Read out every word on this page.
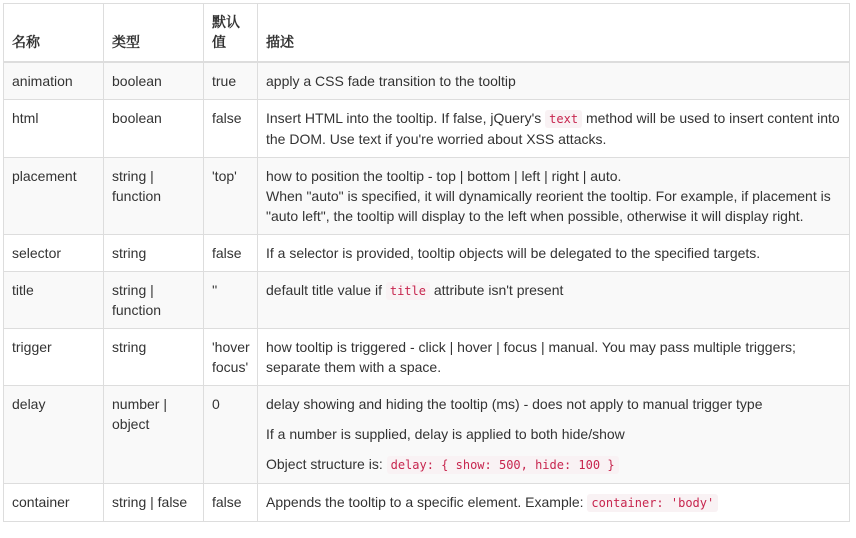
名称	类型	默认值	描述
animation	boolean	true	apply a CSS fade transition to the tooltip
html	boolean	false	Insert HTML into the tooltip. If false, jQuery's text method will be used to insert content into the DOM. Use text if you're worried about XSS attacks.
placement	string | function	'top'	how to position the tooltip - top | bottom | left | right | auto.
When "auto" is specified, it will dynamically reorient the tooltip. For example, if placement is "auto left", the tooltip will display to the left when possible, otherwise it will display right.
selector	string	false	If a selector is provided, tooltip objects will be delegated to the specified targets.
title	string | function	''	default title value if title attribute isn't present
trigger	string	'hover focus'	how tooltip is triggered - click | hover | focus | manual. You may pass multiple triggers; separate them with a space.
delay	number | object	0	delay showing and hiding the tooltip (ms) - does not apply to manual trigger type

If a number is supplied, delay is applied to both hide/show

Object structure is: delay: { show: 500, hide: 100 }

container	string | false	false	Appends the tooltip to a specific element. Example: container: 'body'
